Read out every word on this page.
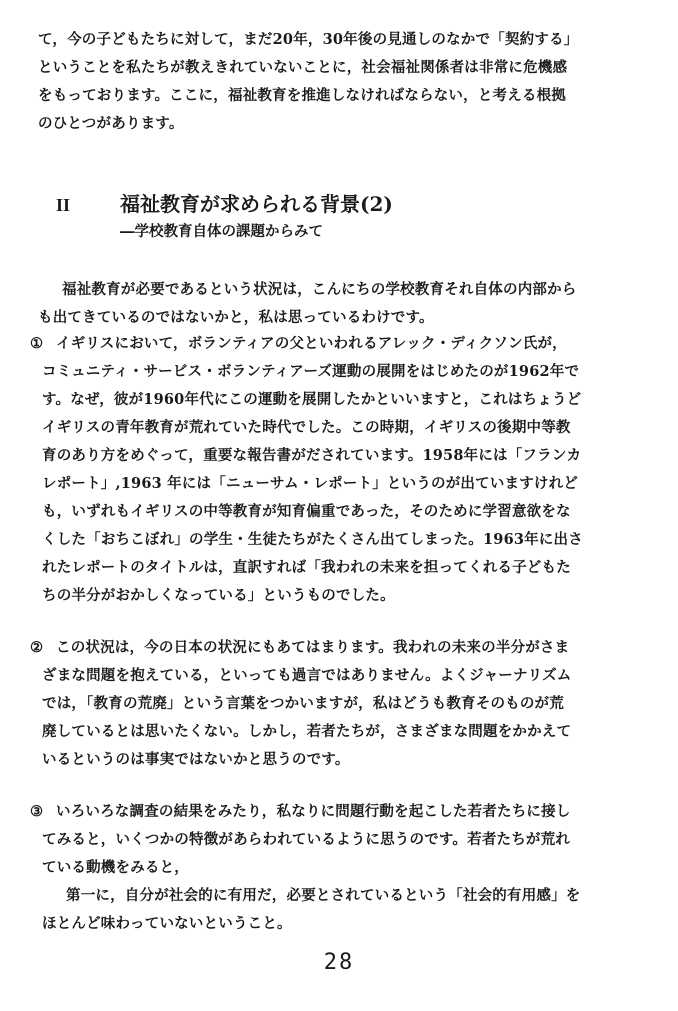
て，今の子どもたちに対して，まだ20年，30年後の見通しのなかで「契約する」
ということを私たちが教えきれていないことに，社会福祉関係者は非常に危機感
をもっております。ここに，福祉教育を推進しなければならない，と考える根拠
のひとつがあります。
II 福祉教育が求められる背景(2)
―学校教育自体の課題からみて
福祉教育が必要であるという状況は，こんにちの学校教育それ自体の内部から
も出てきているのではないかと，私は思っているわけです。
① イギリスにおいて，ボランティアの父といわれるアレック・ディクソン氏が，
コミュニティ・サービス・ボランティアーズ運動の展開をはじめたのが1962年で
す。なぜ，彼が1960年代にこの運動を展開したかといいますと，これはちょうど
イギリスの青年教育が荒れていた時代でした。この時期，イギリスの後期中等教
育のあり方をめぐって，重要な報告書がだされています。1958年には「フランカ
レポート」,1963 年には「ニューサム・レポート」というのが出ていますけれど
も，いずれもイギリスの中等教育が知育偏重であった，そのために学習意欲をな
くした「おちこぼれ」の学生・生徒たちがたくさん出てしまった。1963年に出さ
れたレポートのタイトルは，直訳すれば「我われの未来を担ってくれる子どもた
ちの半分がおかしくなっている」というものでした。
② この状況は，今の日本の状況にもあてはまります。我われの未来の半分がさま
ざまな問題を抱えている，といっても過言ではありません。よくジャーナリズム
では，「教育の荒廃」という言葉をつかいますが，私はどうも教育そのものが荒
廃しているとは思いたくない。しかし，若者たちが，さまざまな問題をかかえて
いるというのは事実ではないかと思うのです。
③ いろいろな調査の結果をみたり，私なりに問題行動を起こした若者たちに接し
てみると，いくつかの特徴があらわれているように思うのです。若者たちが荒れ
ている動機をみると，
第一に，自分が社会的に有用だ，必要とされているという「社会的有用感」を
ほとんど味わっていないということ。
28
